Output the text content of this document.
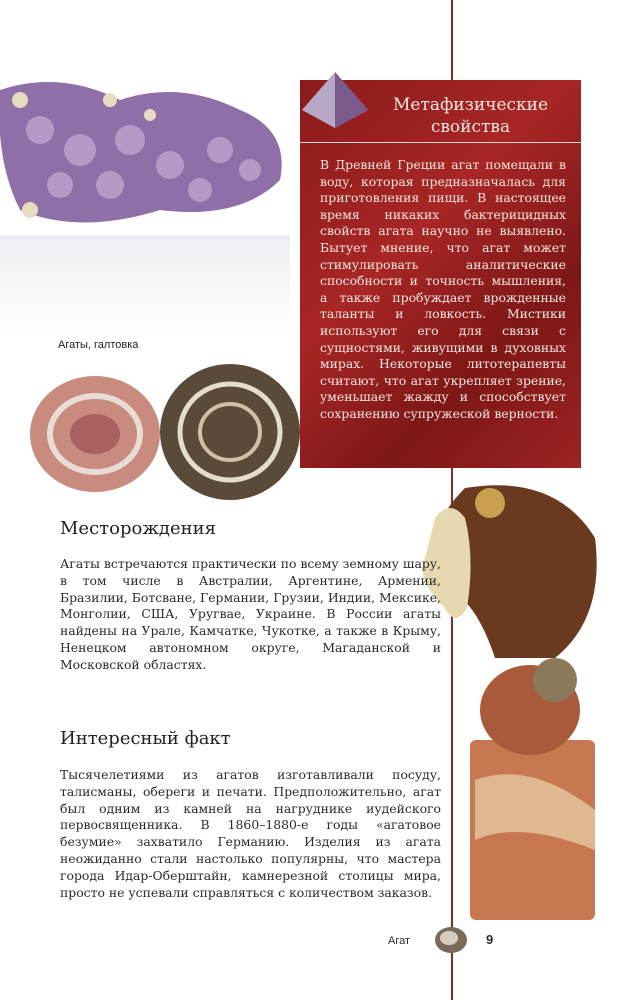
Агаты, галтовка
Метафизические
свойства

В Древней Греции агат помещали в воду, которая предназначалась для приготовления пищи. В настоящее время никаких бактерицидных свойств агата научно не выявлено. Бытует мнение, что агат может стимулировать аналитические способности и точность мышления, а также пробуждает врожденные таланты и ловкость. Мистики используют его для связи с сущностями, живущими в духовных мирах. Некоторые литотерапевты считают, что агат укрепляет зрение, уменьшает жажду и способствует сохранению супружеской верности.

Месторождения

Агаты встречаются практически по всему земному шару, в том числе в Австралии, Аргентине, Армении, Бразилии, Ботсване, Германии, Грузии, Индии, Мексике, Монголии, США, Уругвае, Украине. В России агаты найдены на Урале, Камчатке, Чукотке, а также в Крыму, Ненецком автономном округе, Магаданской и Московской областях.

Интересный факт

Тысячелетиями из агатов изготавливали посуду, талисманы, обереги и печати. Предположительно, агат был одним из камней на нагруднике иудейского первосвященника. В 1860–1880-е годы «агатовое безумие» захватило Германию. Изделия из агата неожиданно стали настолько популярны, что мастера города Идар-Оберштайн, камнерезной столицы мира, просто не успевали справляться с количеством заказов.

Агат	9
